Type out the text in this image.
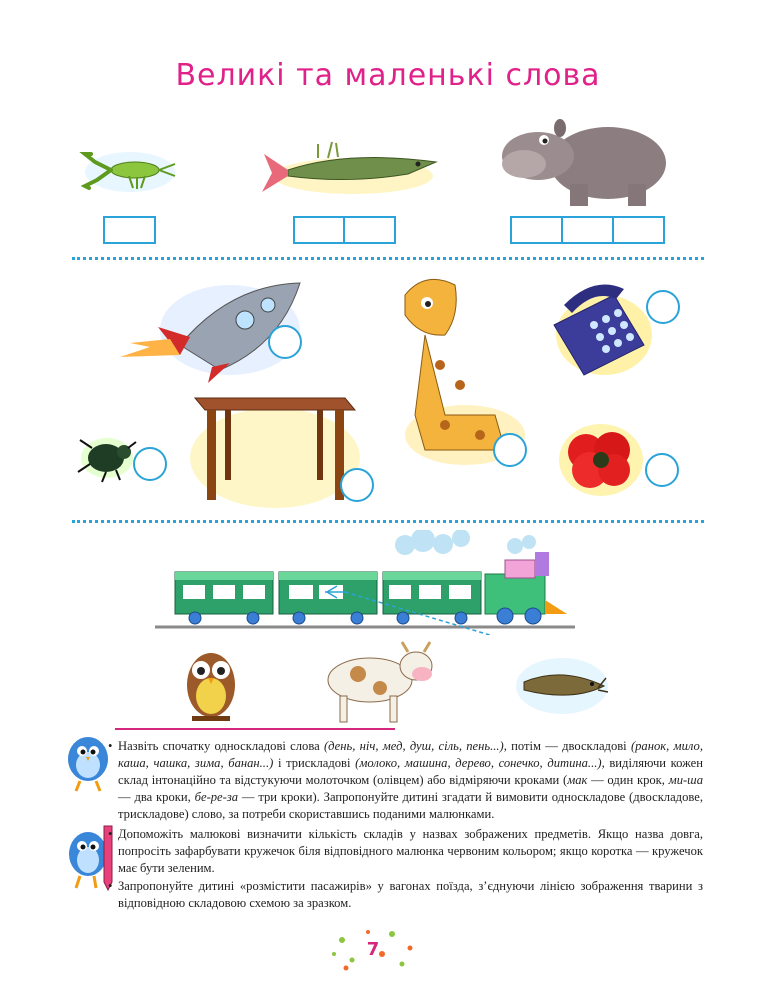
Великі та маленькі слова
• Назвіть спочатку односкладові слова (день, ніч, мед, душ, сіль, пень...), потім — двоскладові (ранок, мило, каша, чашка, зима, банан...) і трискладові (молоко, машина, дерево, сонечко, дитина...), виділяючи кожен склад інтонаційно та відстукуючи молоточком (олівцем) або відміряючи кроками (мак — один крок, ми-ша — два кроки, бе-ре-за — три кроки). Запропонуйте дитині згадати й вимовити односкладове (двоскладове, трискладове) слово, за потреби скориставшись поданими малюнками.
• Допоможіть малюкові визначити кількість складів у назвах зображених предметів. Якщо назва довга, попросіть зафарбувати кружечок біля відповідного малюнка червоним кольором; якщо коротка — кружечок має бути зеленим.
• Запропонуйте дитині «розмістити пасажирів» у вагонах поїзда, з’єднуючи лінією зображення тварини з відповідною складовою схемою за зразком.
7
